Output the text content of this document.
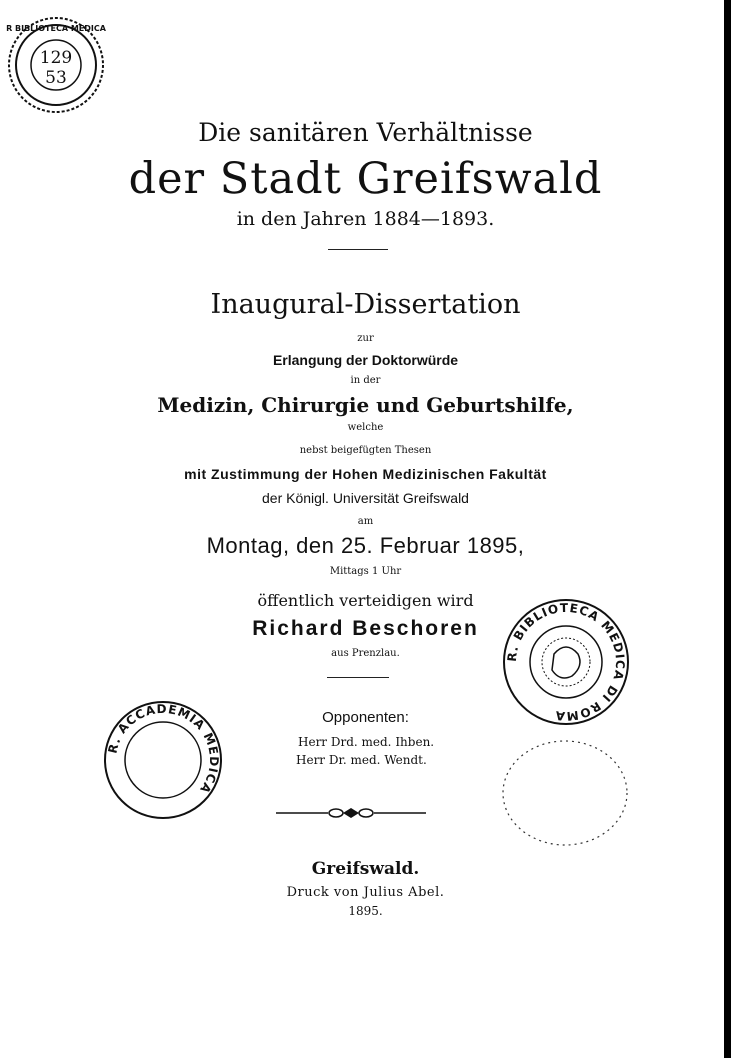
R BIBLIOTECA MEDICA
129
53
Die sanitären Verhältnisse
der Stadt Greifswald
in den Jahren 1884—1893.
Inaugural-Dissertation
zur
Erlangung der Doktorwürde
in der
Medizin, Chirurgie und Geburtshilfe,
welche
nebst beigefügten Thesen
mit Zustimmung der Hohen Medizinischen Fakultät
der Königl. Universität Greifswald
am
Montag, den 25. Februar 1895,
Mittags 1 Uhr
öffentlich verteidigen wird
Richard Beschoren
aus Prenzlau.
Opponenten:
Herr Drd. med. Ihben.
Herr Dr. med. Wendt.
Greifswald.
Druck von Julius Abel.
1895.
R. ACCADEMIA MEDICA
R. BIBLIOTECA MEDICA DI ROMA
